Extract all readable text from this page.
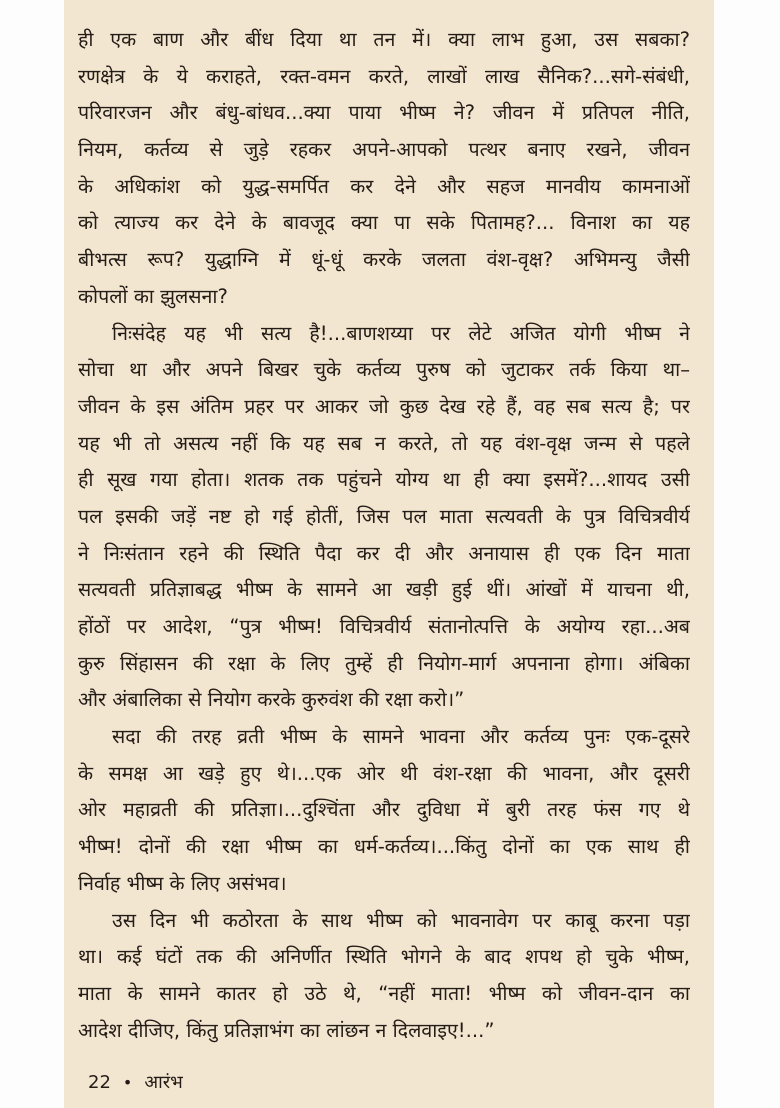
ही एक बाण और बींध दिया था तन में। क्या लाभ हुआ, उस सबका?
रणक्षेत्र के ये कराहते, रक्त-वमन करते, लाखों लाख सैनिक?...सगे-संबंधी,
परिवारजन और बंधु-बांधव...क्या पाया भीष्म ने? जीवन में प्रतिपल नीति,
नियम, कर्तव्य से जुड़े रहकर अपने-आपको पत्थर बनाए रखने, जीवन
के अधिकांश को युद्ध-समर्पित कर देने और सहज मानवीय कामनाओं
को त्याज्य कर देने के बावजूद क्या पा सके पितामह?... विनाश का यह
बीभत्स रूप? युद्धाग्नि में धूं-धूं करके जलता वंश-वृक्ष? अभिमन्यु जैसी
कोपलों का झुलसना?
निःसंदेह यह भी सत्य है!...बाणशय्या पर लेटे अजित योगी भीष्म ने
सोचा था और अपने बिखर चुके कर्तव्य पुरुष को जुटाकर तर्क किया था–
जीवन के इस अंतिम प्रहर पर आकर जो कुछ देख रहे हैं, वह सब सत्य है; पर
यह भी तो असत्य नहीं कि यह सब न करते, तो यह वंश-वृक्ष जन्म से पहले
ही सूख गया होता। शतक तक पहुंचने योग्य था ही क्या इसमें?...शायद उसी
पल इसकी जड़ें नष्ट हो गई होतीं, जिस पल माता सत्यवती के पुत्र विचित्रवीर्य
ने निःसंतान रहने की स्थिति पैदा कर दी और अनायास ही एक दिन माता
सत्यवती प्रतिज्ञाबद्ध भीष्म के सामने आ खड़ी हुई थीं। आंखों में याचना थी,
होंठों पर आदेश, “पुत्र भीष्म! विचित्रवीर्य संतानोत्पत्ति के अयोग्य रहा...अब
कुरु सिंहासन की रक्षा के लिए तुम्हें ही नियोग-मार्ग अपनाना होगा। अंबिका
और अंबालिका से नियोग करके कुरुवंश की रक्षा करो।”
सदा की तरह व्रती भीष्म के सामने भावना और कर्तव्य पुनः एक-दूसरे
के समक्ष आ खड़े हुए थे।...एक ओर थी वंश-रक्षा की भावना, और दूसरी
ओर महाव्रती की प्रतिज्ञा।...दुश्चिंता और दुविधा में बुरी तरह फंस गए थे
भीष्म! दोनों की रक्षा भीष्म का धर्म-कर्तव्य।...किंतु दोनों का एक साथ ही
निर्वाह भीष्म के लिए असंभव।
उस दिन भी कठोरता के साथ भीष्म को भावनावेग पर काबू करना पड़ा
था। कई घंटों तक की अनिर्णीत स्थिति भोगने के बाद शपथ हो चुके भीष्म,
माता के सामने कातर हो उठे थे, “नहीं माता! भीष्म को जीवन-दान का
आदेश दीजिए, किंतु प्रतिज्ञाभंग का लांछन न दिलवाइए!...”
22 • आरंभ
